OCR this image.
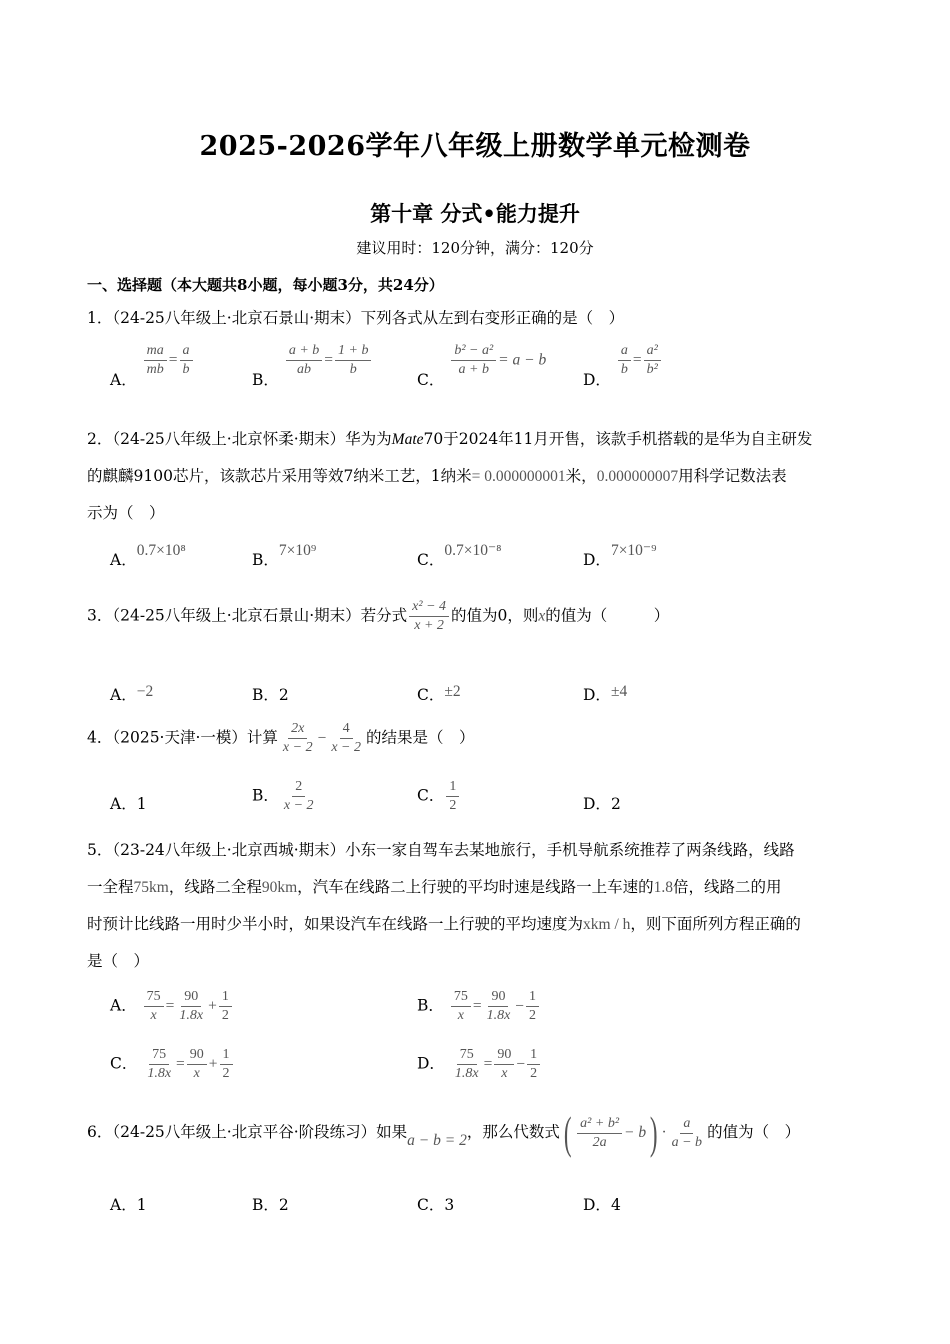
2025-2026学年八年级上册数学单元检测卷
第十章 分式•能力提升
建议用时：120分钟，满分：120分
一、选择题（本大题共8小题，每小题3分，共24分）
1．（24-25八年级上·北京石景山·期末）下列各式从左到右变形正确的是（　）
A．
$\frac{ma}{mb} = \frac{a}{b}$
B．
$\frac{a + b}{ab} = \frac{1 + b}{b}$
C．
$\frac{\text{b² − a²}}{a + b} = a - b$
D．
$\frac{a}{b} = \frac{\text{a²}}{\text{b²}}$
2．（24-25八年级上·北京怀柔·期末）华为为Mate70于2024年11月开售，该款手机搭载的是华为自主研发
的麒麟9100芯片，该款芯片采用等效7纳米工艺，1纳米= 0.000000001米，0.000000007用科学记数法表
示为（　）
A．0.7×10⁸
B．7×10⁹
C．0.7×10⁻⁸
D．7×10⁻⁹
3．（24-25八年级上·北京石景山·期末）若分式 $\frac{\text{x² − 4}}{x + 2}$ 的值为0，则x的值为（　　　）
A．−2	B．2	C．±2	D．±4
4．（2025·天津·一模）计算 $\frac{2x}{x - 2} - \frac{4}{x - 2}$ 的结果是（　）
A．1	B． $\frac{2}{x - 2}$	C． $\frac{1}{2}$	D．2
5．（23-24八年级上·北京西城·期末）小东一家自驾车去某地旅行，手机导航系统推荐了两条线路，线路
一全程75km，线路二全程90km，汽车在线路二上行驶的平均时速是线路一上车速的1.8倍，线路二的用
时预计比线路一用时少半小时，如果设汽车在线路一上行驶的平均速度为xkm / h，则下面所列方程正确的
是（　）
A． $\frac{75}{x} = \frac{90}{1.8x} + \frac{1}{2}$	B． $\frac{75}{x} = \frac{90}{1.8x} - \frac{1}{2}$
C． $\frac{75}{1.8x} = \frac{90}{x} + \frac{1}{2}$	D． $\frac{75}{1.8x} = \frac{90}{x} - \frac{1}{2}$
6．（24-25八年级上·北京平谷·阶段练习）如果a − b = 2，那么代数式( $\frac{\text{a² + b²}}{2a} - b) \cdot \frac{a}{a - b}$ 的值为（　）
A．1	B．2	C．3	D．4
